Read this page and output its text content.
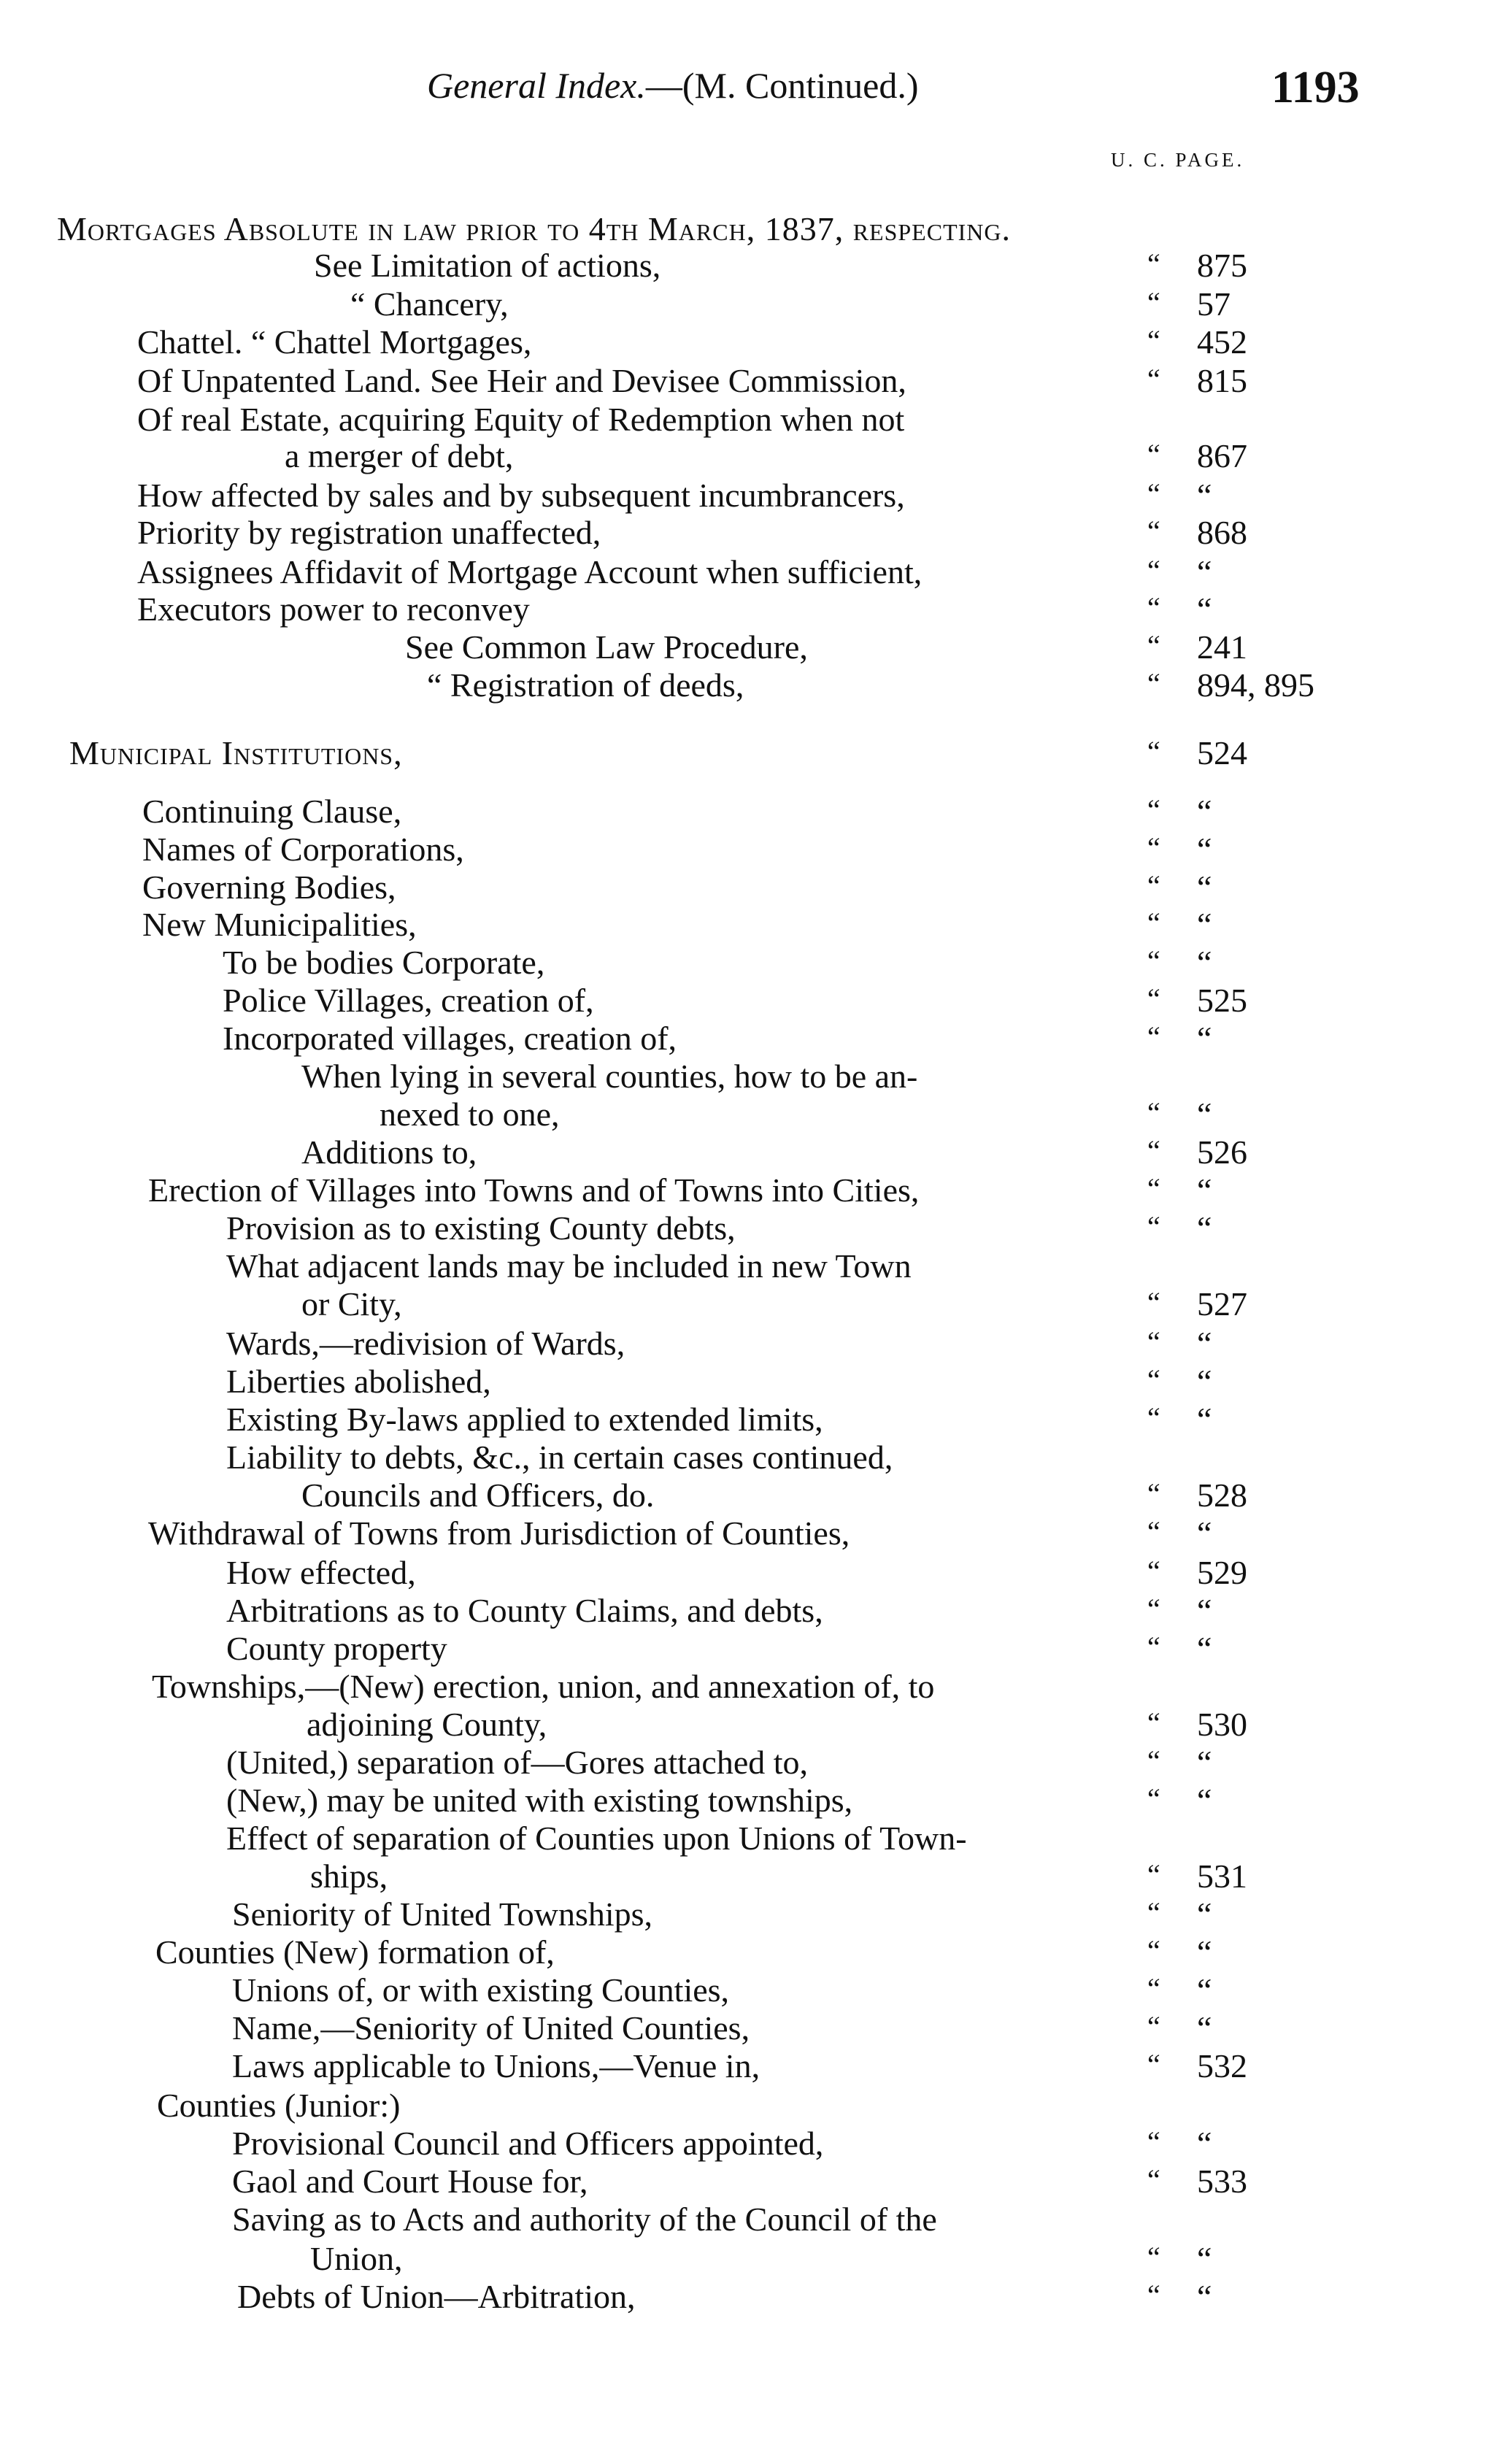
General Index.—(M. Continued.)	1193
U. C. PAGE.
Mortgages Absolute in law prior to 4th March, 1837, respecting.
See Limitation of actions,	“ 875
“ Chancery,	“ 57
Chattel. “ Chattel Mortgages,	“ 452
Of Unpatented Land. See Heir and Devisee Commission,	“ 815
Of real Estate, acquiring Equity of Redemption when not
a merger of debt,	“ 867
How affected by sales and by subsequent incumbrancers,	“ “
Priority by registration unaffected,	“ 868
Assignees Affidavit of Mortgage Account when sufficient,	“ “
Executors power to reconvey	“ “
See Common Law Procedure,	“ 241
“ Registration of deeds,	“ 894, 895
Municipal Institutions,	“ 524
Continuing Clause,	“ “
Names of Corporations,	“ “
Governing Bodies,	“ “
New Municipalities,	“ “
To be bodies Corporate,	“ “
Police Villages, creation of,	“ 525
Incorporated villages, creation of,	“ “
When lying in several counties, how to be an-
nexed to one,	“ “
Additions to,	“ 526
Erection of Villages into Towns and of Towns into Cities,	“ “
Provision as to existing County debts,	“ “
What adjacent lands may be included in new Town
or City,	“ 527
Wards,—redivision of Wards,	“ “
Liberties abolished,	“ “
Existing By-laws applied to extended limits,	“ “
Liability to debts, &c., in certain cases continued,
Councils and Officers, do.	“ 528
Withdrawal of Towns from Jurisdiction of Counties,	“ “
How effected,	“ 529
Arbitrations as to County Claims, and debts,	“ “
County property	“ “
Townships,—(New) erection, union, and annexation of, to
adjoining County,	“ 530
(United,) separation of—Gores attached to,	“ “
(New,) may be united with existing townships,	“ “
Effect of separation of Counties upon Unions of Town-
ships,	“ 531
Seniority of United Townships,	“ “
Counties (New) formation of,	“ “
Unions of, or with existing Counties,	“ “
Name,—Seniority of United Counties,	“ “
Laws applicable to Unions,—Venue in,	“ 532
Counties (Junior:)
Provisional Council and Officers appointed,	“ “
Gaol and Court House for,	“ 533
Saving as to Acts and authority of the Council of the
Union,	“ “
Debts of Union—Arbitration,	“ “
